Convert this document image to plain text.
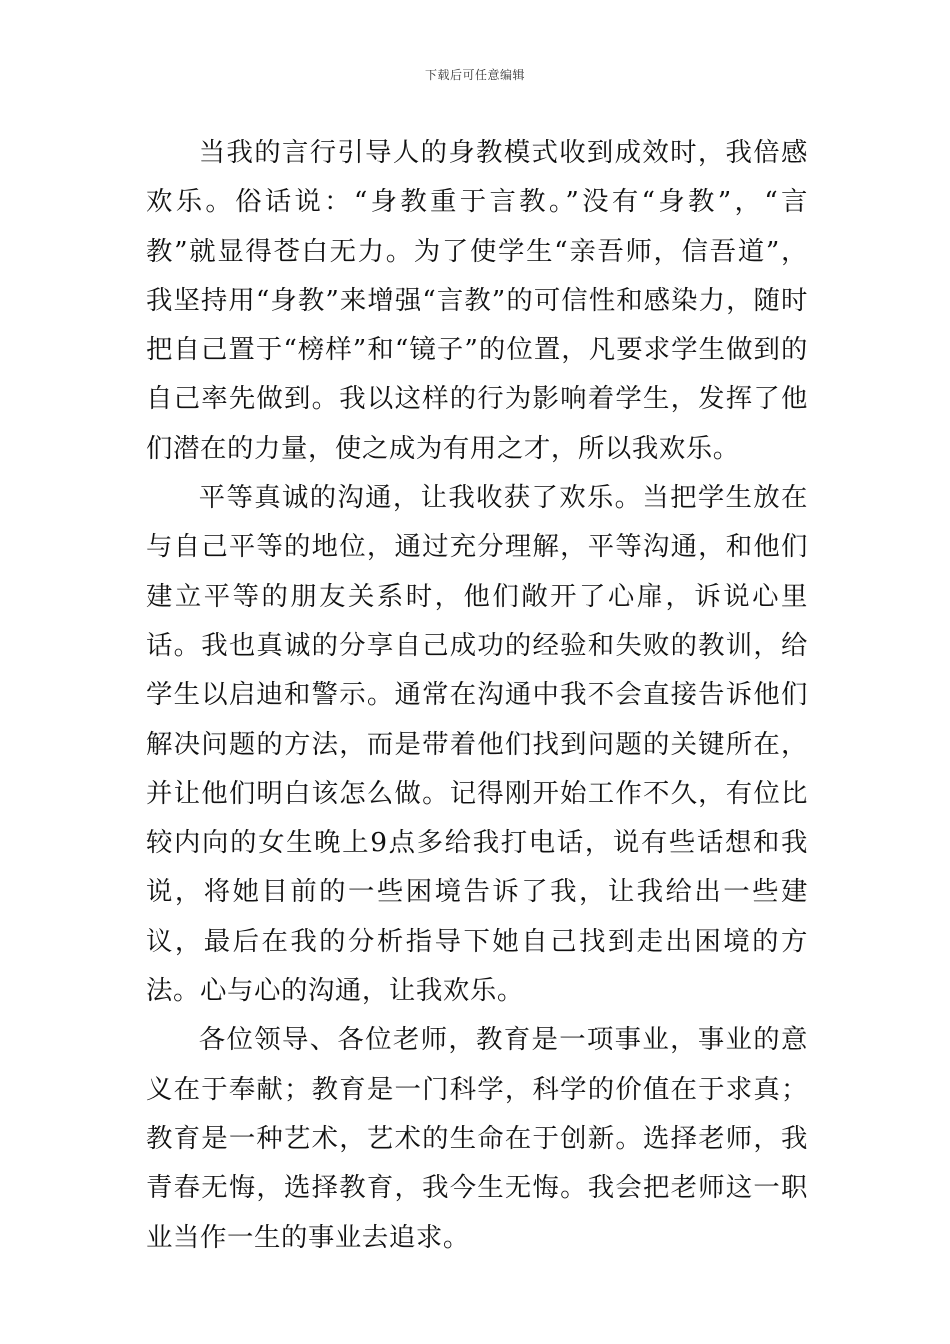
下载后可任意编辑

当我的言行引导人的身教模式收到成效时，我倍感欢乐。俗话说：“身教重于言教。”没有“身教”，“言教”就显得苍白无力。为了使学生“亲吾师，信吾道”，我坚持用“身教”来增强“言教”的可信性和感染力，随时把自己置于“榜样”和“镜子”的位置，凡要求学生做到的自己率先做到。我以这样的行为影响着学生，发挥了他们潜在的力量，使之成为有用之才，所以我欢乐。

平等真诚的沟通，让我收获了欢乐。当把学生放在与自己平等的地位，通过充分理解，平等沟通，和他们建立平等的朋友关系时，他们敞开了心扉，诉说心里话。我也真诚的分享自己成功的经验和失败的教训，给学生以启迪和警示。通常在沟通中我不会直接告诉他们解决问题的方法，而是带着他们找到问题的关键所在，并让他们明白该怎么做。记得刚开始工作不久，有位比较内向的女生晚上9点多给我打电话，说有些话想和我说，将她目前的一些困境告诉了我，让我给出一些建议，最后在我的分析指导下她自己找到走出困境的方法。心与心的沟通，让我欢乐。

各位领导、各位老师，教育是一项事业，事业的意义在于奉献；教育是一门科学，科学的价值在于求真；教育是一种艺术，艺术的生命在于创新。选择老师，我青春无悔，选择教育，我今生无悔。我会把老师这一职业当作一生的事业去追求。
